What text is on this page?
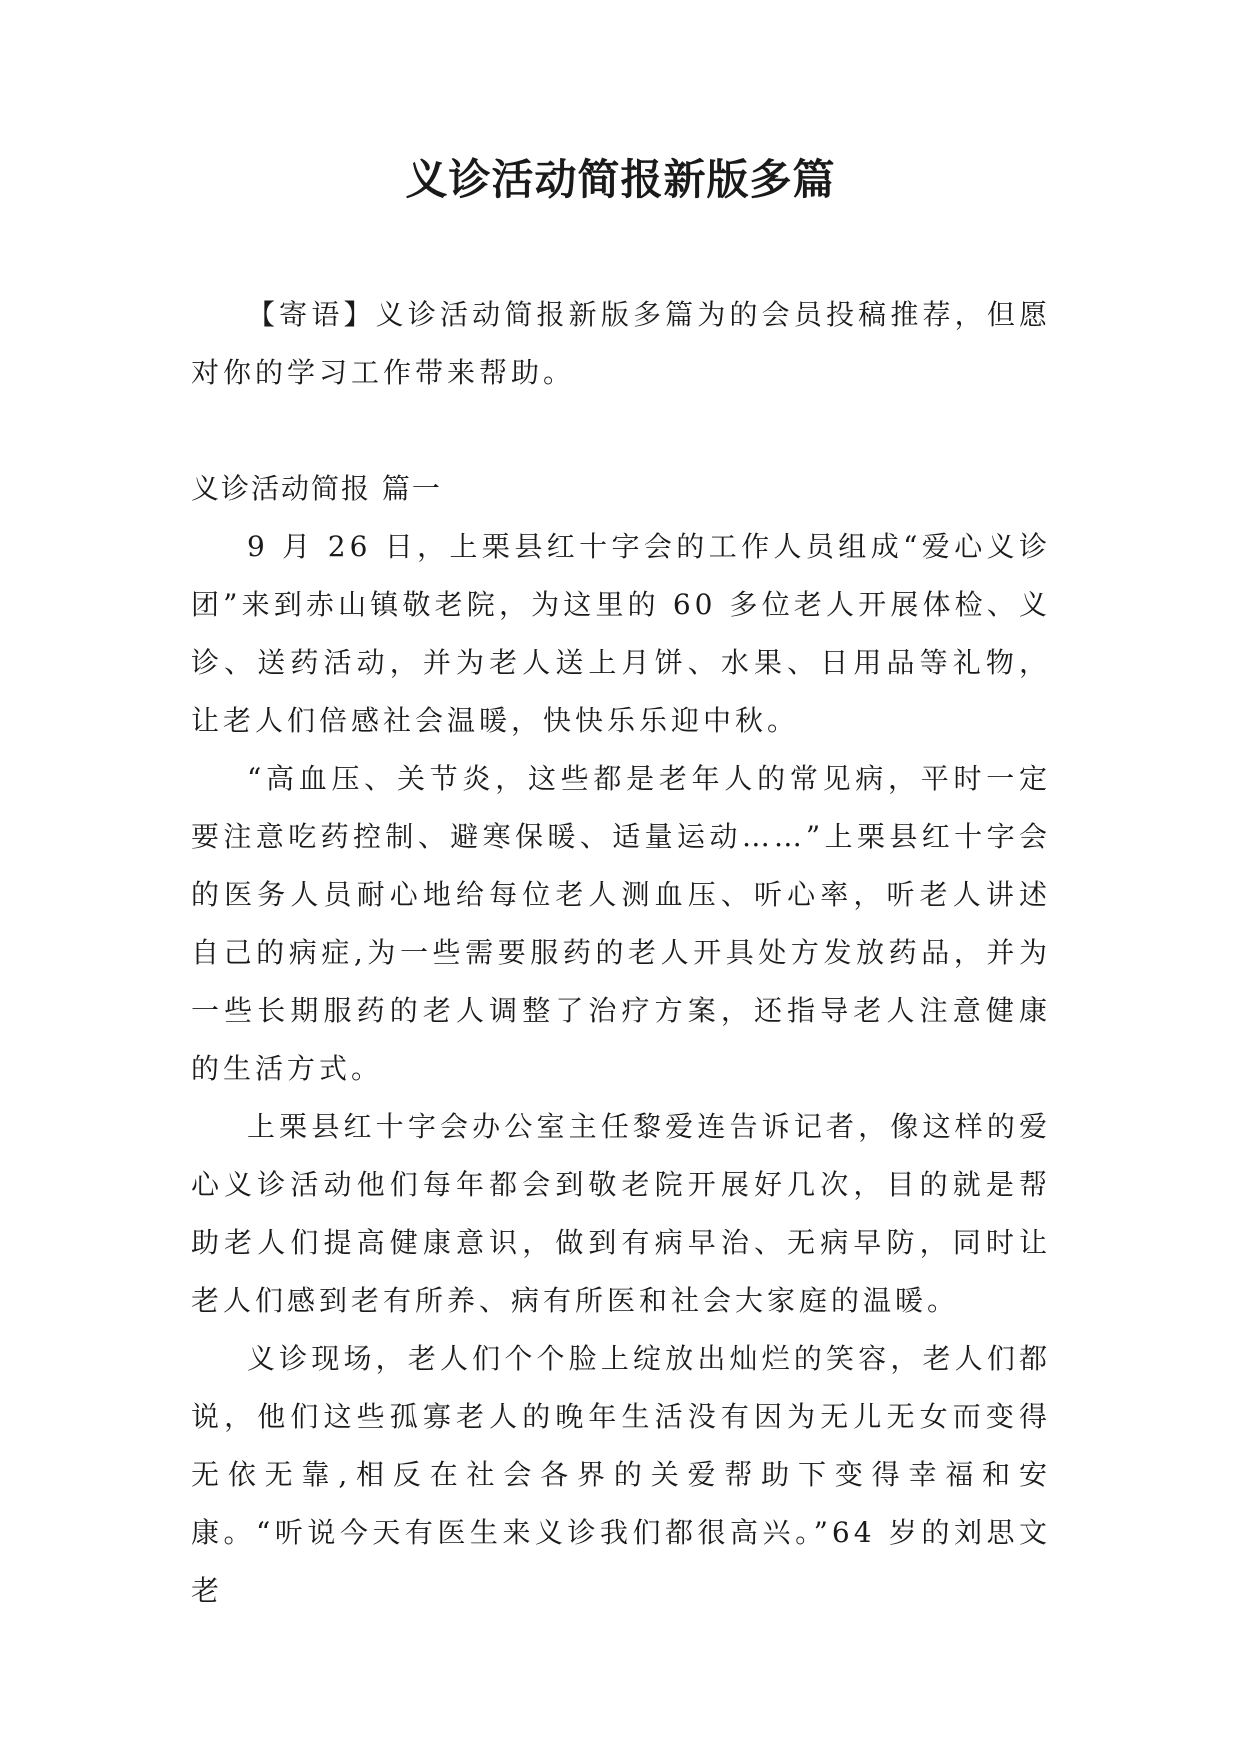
义诊活动简报新版多篇

【寄语】义诊活动简报新版多篇为的会员投稿推荐，但愿对你的学习工作带来帮助。

义诊活动简报 篇一

9 月 26 日，上栗县红十字会的工作人员组成“爱心义诊团”来到赤山镇敬老院，为这里的 60 多位老人开展体检、义诊、送药活动，并为老人送上月饼、水果、日用品等礼物，让老人们倍感社会温暖，快快乐乐迎中秋。

“高血压、关节炎，这些都是老年人的常见病，平时一定要注意吃药控制、避寒保暖、适量运动……”上栗县红十字会的医务人员耐心地给每位老人测血压、听心率，听老人讲述自己的病症,为一些需要服药的老人开具处方发放药品，并为一些长期服药的老人调整了治疗方案，还指导老人注意健康的生活方式。

上栗县红十字会办公室主任黎爱连告诉记者，像这样的爱心义诊活动他们每年都会到敬老院开展好几次，目的就是帮助老人们提高健康意识，做到有病早治、无病早防，同时让老人们感到老有所养、病有所医和社会大家庭的温暖。

义诊现场，老人们个个脸上绽放出灿烂的笑容，老人们都说，他们这些孤寡老人的晚年生活没有因为无儿无女而变得无依无靠,相反在社会各界的关爱帮助下变得幸福和安康。“听说今天有医生来义诊我们都很高兴。”64 岁的刘思文老
